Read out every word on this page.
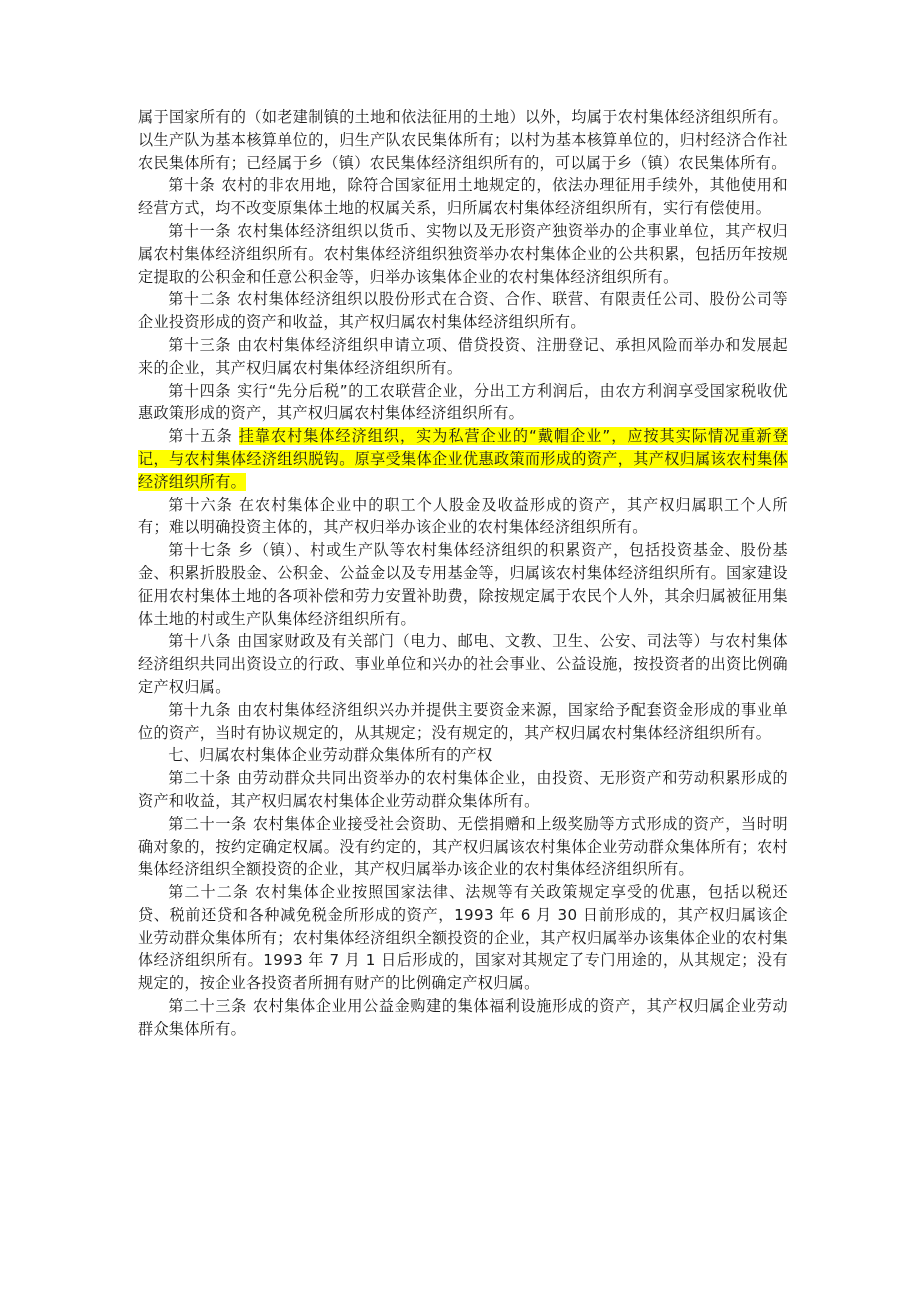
属于国家所有的（如老建制镇的土地和依法征用的土地）以外，均属于农村集体经济组织所有。以生产队为基本核算单位的，归生产队农民集体所有；以村为基本核算单位的，归村经济合作社农民集体所有；已经属于乡（镇）农民集体经济组织所有的，可以属于乡（镇）农民集体所有。

第十条 农村的非农用地，除符合国家征用土地规定的，依法办理征用手续外，其他使用和经营方式，均不改变原集体土地的权属关系，归所属农村集体经济组织所有，实行有偿使用。

第十一条 农村集体经济组织以货币、实物以及无形资产独资举办的企事业单位，其产权归属农村集体经济组织所有。农村集体经济组织独资举办农村集体企业的公共积累，包括历年按规定提取的公积金和任意公积金等，归举办该集体企业的农村集体经济组织所有。

第十二条 农村集体经济组织以股份形式在合资、合作、联营、有限责任公司、股份公司等企业投资形成的资产和收益，其产权归属农村集体经济组织所有。

第十三条 由农村集体经济组织申请立项、借贷投资、注册登记、承担风险而举办和发展起来的企业，其产权归属农村集体经济组织所有。

第十四条 实行“先分后税”的工农联营企业，分出工方利润后，由农方利润享受国家税收优惠政策形成的资产，其产权归属农村集体经济组织所有。

第十五条 挂靠农村集体经济组织，实为私营企业的“戴帽企业”，应按其实际情况重新登记，与农村集体经济组织脱钩。原享受集体企业优惠政策而形成的资产，其产权归属该农村集体经济组织所有。

第十六条 在农村集体企业中的职工个人股金及收益形成的资产，其产权归属职工个人所有；难以明确投资主体的，其产权归举办该企业的农村集体经济组织所有。

第十七条 乡（镇）、村或生产队等农村集体经济组织的积累资产，包括投资基金、股份基金、积累折股股金、公积金、公益金以及专用基金等，归属该农村集体经济组织所有。国家建设征用农村集体土地的各项补偿和劳力安置补助费，除按规定属于农民个人外，其余归属被征用集体土地的村或生产队集体经济组织所有。

第十八条 由国家财政及有关部门（电力、邮电、文教、卫生、公安、司法等）与农村集体经济组织共同出资设立的行政、事业单位和兴办的社会事业、公益设施，按投资者的出资比例确定产权归属。

第十九条 由农村集体经济组织兴办并提供主要资金来源，国家给予配套资金形成的事业单位的资产，当时有协议规定的，从其规定；没有规定的，其产权归属农村集体经济组织所有。

七、归属农村集体企业劳动群众集体所有的产权

第二十条 由劳动群众共同出资举办的农村集体企业，由投资、无形资产和劳动积累形成的资产和收益，其产权归属农村集体企业劳动群众集体所有。

第二十一条 农村集体企业接受社会资助、无偿捐赠和上级奖励等方式形成的资产，当时明确对象的，按约定确定权属。没有约定的，其产权归属该农村集体企业劳动群众集体所有；农村集体经济组织全额投资的企业，其产权归属举办该企业的农村集体经济组织所有。

第二十二条 农村集体企业按照国家法律、法规等有关政策规定享受的优惠，包括以税还贷、税前还贷和各种减免税金所形成的资产，1993 年 6 月 30 日前形成的，其产权归属该企业劳动群众集体所有；农村集体经济组织全额投资的企业，其产权归属举办该集体企业的农村集体经济组织所有。1993 年 7 月 1 日后形成的，国家对其规定了专门用途的，从其规定；没有规定的，按企业各投资者所拥有财产的比例确定产权归属。

第二十三条 农村集体企业用公益金购建的集体福利设施形成的资产，其产权归属企业劳动群众集体所有。
